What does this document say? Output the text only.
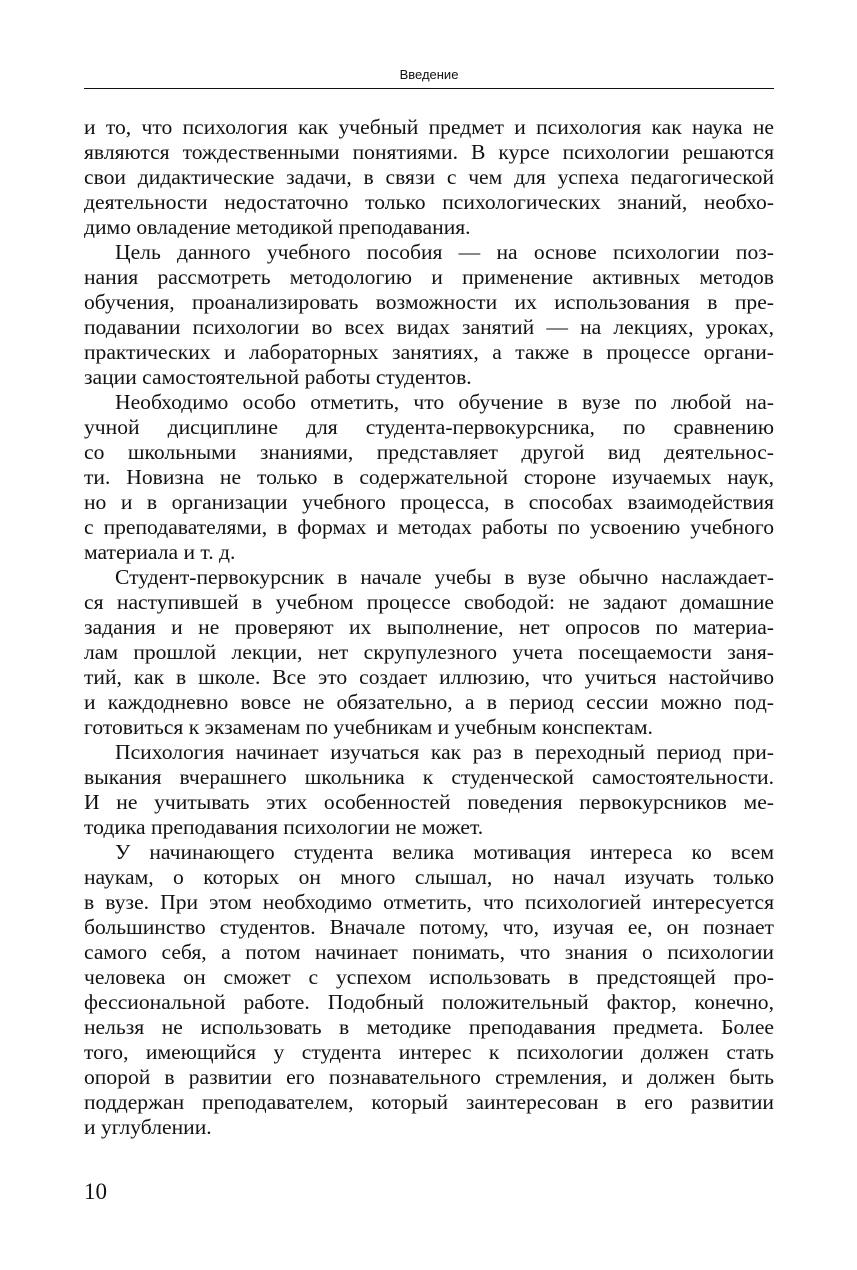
Введение
и то, что психология как учебный предмет и психология как наука не
являются тождественными понятиями. В курсе психологии решаются
свои дидактические задачи, в связи с чем для успеха педагогической
деятельности недостаточно только психологических знаний, необхо-
димо овладение методикой преподавания.
Цель данного учебного пособия — на основе психологии поз-
нания рассмотреть методологию и применение активных методов
обучения, проанализировать возможности их использования в пре-
подавании психологии во всех видах занятий — на лекциях, уроках,
практических и лабораторных занятиях, а также в процессе органи-
зации самостоятельной работы студентов.
Необходимо особо отметить, что обучение в вузе по любой на-
учной дисциплине для студента-первокурсника, по сравнению
со школьными знаниями, представляет другой вид деятельнос-
ти. Новизна не только в содержательной стороне изучаемых наук,
но и в организации учебного процесса, в способах взаимодействия
с преподавателями, в формах и методах работы по усвоению учебного
материала и т. д.
Студент-первокурсник в начале учебы в вузе обычно наслаждает-
ся наступившей в учебном процессе свободой: не задают домашние
задания и не проверяют их выполнение, нет опросов по материа-
лам прошлой лекции, нет скрупулезного учета посещаемости заня-
тий, как в школе. Все это создает иллюзию, что учиться настойчиво
и каждодневно вовсе не обязательно, а в период сессии можно под-
готовиться к экзаменам по учебникам и учебным конспектам.
Психология начинает изучаться как раз в переходный период при-
выкания вчерашнего школьника к студенческой самостоятельности.
И не учитывать этих особенностей поведения первокурсников ме-
тодика преподавания психологии не может.
У начинающего студента велика мотивация интереса ко всем
наукам, о которых он много слышал, но начал изучать только
в вузе. При этом необходимо отметить, что психологией интересуется
большинство студентов. Вначале потому, что, изучая ее, он познает
самого себя, а потом начинает понимать, что знания о психологии
человека он сможет с успехом использовать в предстоящей про-
фессиональной работе. Подобный положительный фактор, конечно,
нельзя не использовать в методике преподавания предмета. Более
того, имеющийся у студента интерес к психологии должен стать
опорой в развитии его познавательного стремления, и должен быть
поддержан преподавателем, который заинтересован в его развитии
и углублении.
10
